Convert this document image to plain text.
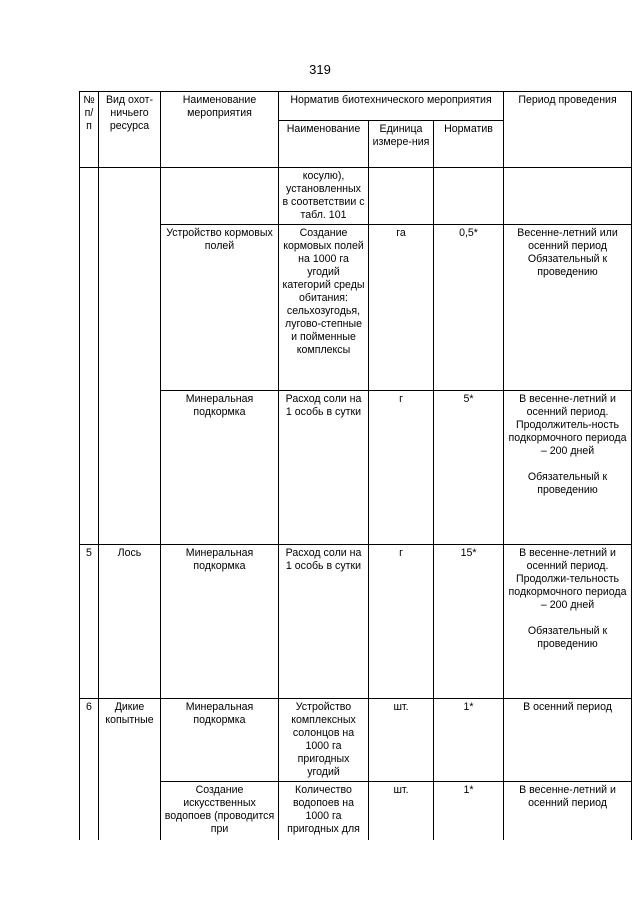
319
№ п/п	Вид охот-ничьего ресурса	Наименование мероприятия	Норматив биотехнического мероприятия			Период проведения
			Наименование	Единица измере-ния	Норматив	
			косулю), установленных в соответствии с табл. 101			
		Устройство кормовых полей	Создание кормовых полей на 1000 га угодий категорий среды обитания: сельхозугодья, лугово-степные и пойменные комплексы	га	0,5*	Весенне-летний или осенний период Обязательный к проведению
		Минеральная подкормка	Расход соли на 1 особь в сутки	г	5*	В весенне-летний и осенний период. Продолжитель-ность подкормочного периода – 200 дней

Обязательный к проведению
5	Лось	Минеральная подкормка	Расход соли на 1 особь в сутки	г	15*	В весенне-летний и осенний период. Продолжи-тельность подкормочного периода – 200 дней

Обязательный к проведению
6	Дикие копытные	Минеральная подкормка	Устройство комплексных солонцов на 1000 га пригодных угодий	шт.	1*	В осенний период
		Создание искусственных водопоев (проводится при	Количество водопоев на 1000 га пригодных для	шт.	1*	В весенне-летний и осенний период
